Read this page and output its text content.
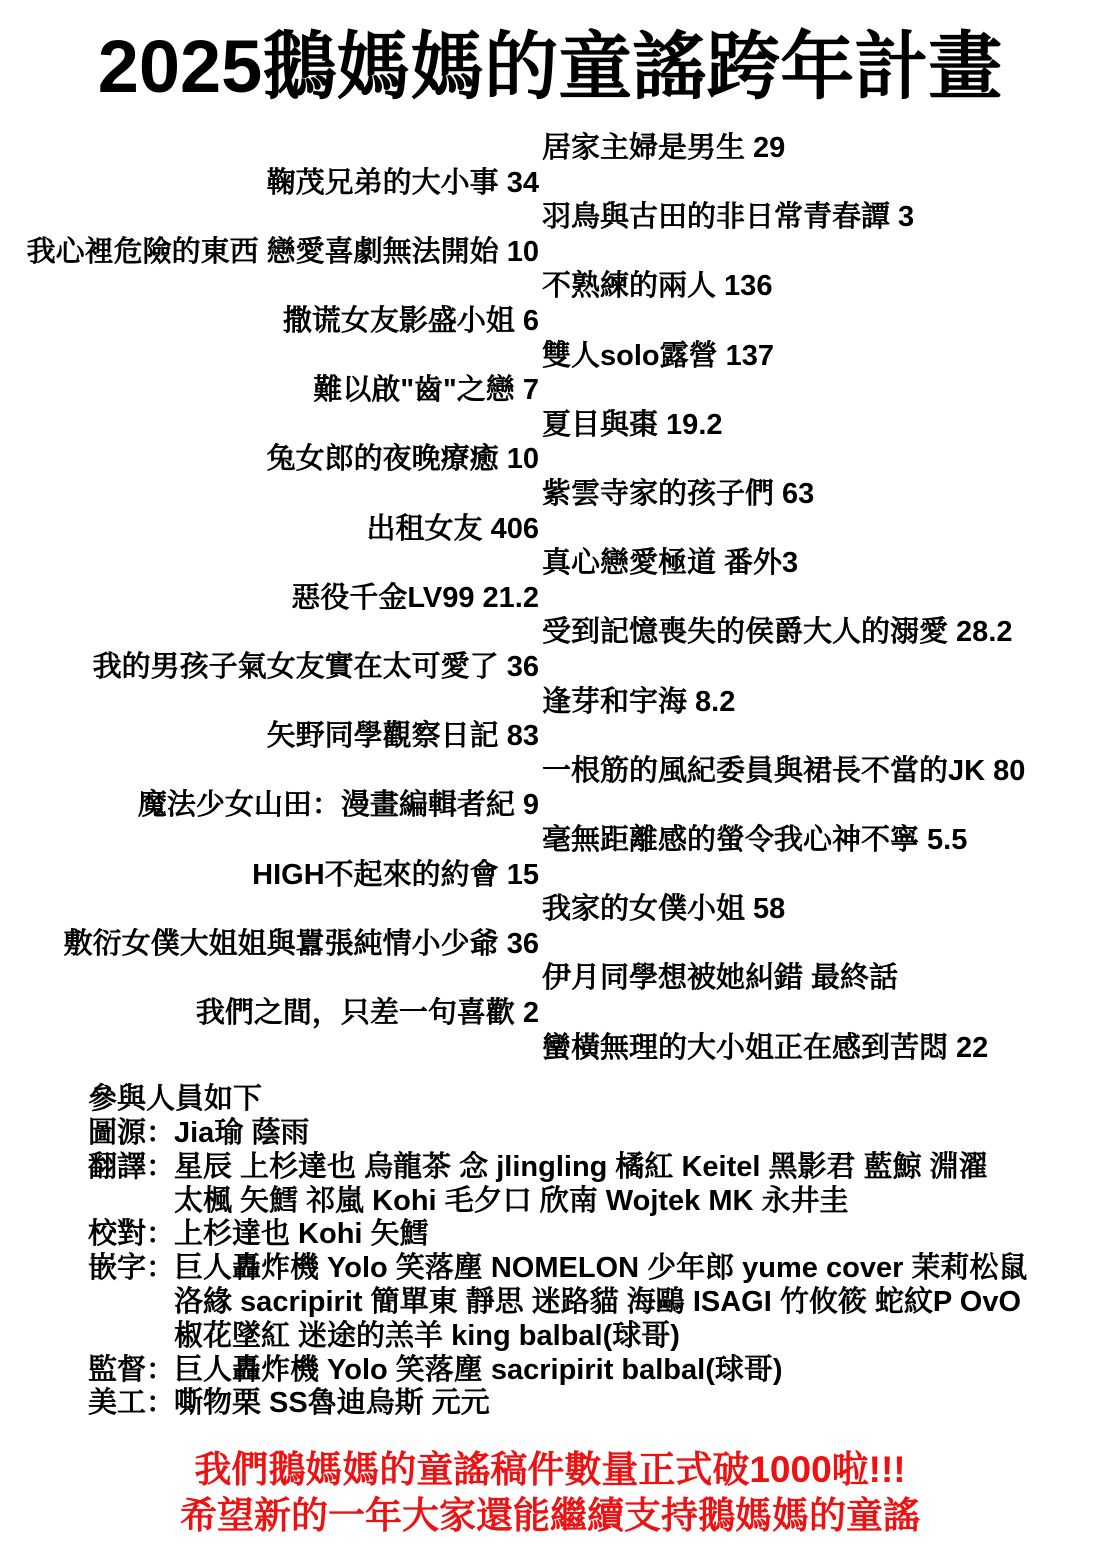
2025鵝媽媽的童謠跨年計畫
居家主婦是男生 29
鞠茂兄弟的大小事 34
羽鳥與古田的非日常青春譚 3
我心裡危險的東西 戀愛喜劇無法開始 10
不熟練的兩人 136
撒谎女友影盛小姐 6
雙人solo露營 137
難以啟"齒"之戀 7
夏目與棗 19.2
兔女郎的夜晚療癒 10
紫雲寺家的孩子們 63
出租女友 406
真心戀愛極道 番外3
惡役千金LV99 21.2
受到記憶喪失的侯爵大人的溺愛 28.2
我的男孩子氣女友實在太可愛了 36
逢芽和宇海 8.2
矢野同學觀察日記 83
一根筋的風紀委員與裙長不當的JK 80
魔法少女山田：漫畫編輯者紀 9
毫無距離感的螢令我心神不寧 5.5
HIGH不起來的約會 15
我家的女僕小姐 58
敷衍女僕大姐姐與囂張純情小少爺 36
伊月同學想被她糾錯 最終話
我們之間，只差一句喜歡 2
蠻橫無理的大小姐正在感到苦悶 22
參與人員如下
圖源：
Jia瑜 蔭雨
翻譯：
星辰 上杉達也 烏龍茶 念 jlingling 橘紅 Keitel 黑影君 藍鯨 淵濯
太楓 矢鱈 祁嵐 Kohi 毛夕口 欣南 Wojtek MK 永井圭
校對：
上杉達也 Kohi 矢鱈
嵌字：
巨人轟炸機 Yolo 笑落塵 NOMELON 少年郎 yume cover 茉莉松鼠
洛緣 sacripirit 簡單東 靜思 迷路貓 海鷗 ISAGI 竹攸筱 蛇紋P OvO
椒花墜紅 迷途的羔羊 king balbal(球哥)
監督：
巨人轟炸機 Yolo 笑落塵 sacripirit balbal(球哥)
美工：
嘶物栗 SS魯迪烏斯 元元
我們鵝媽媽的童謠稿件數量正式破1000啦!!!
希望新的一年大家還能繼續支持鵝媽媽的童謠
